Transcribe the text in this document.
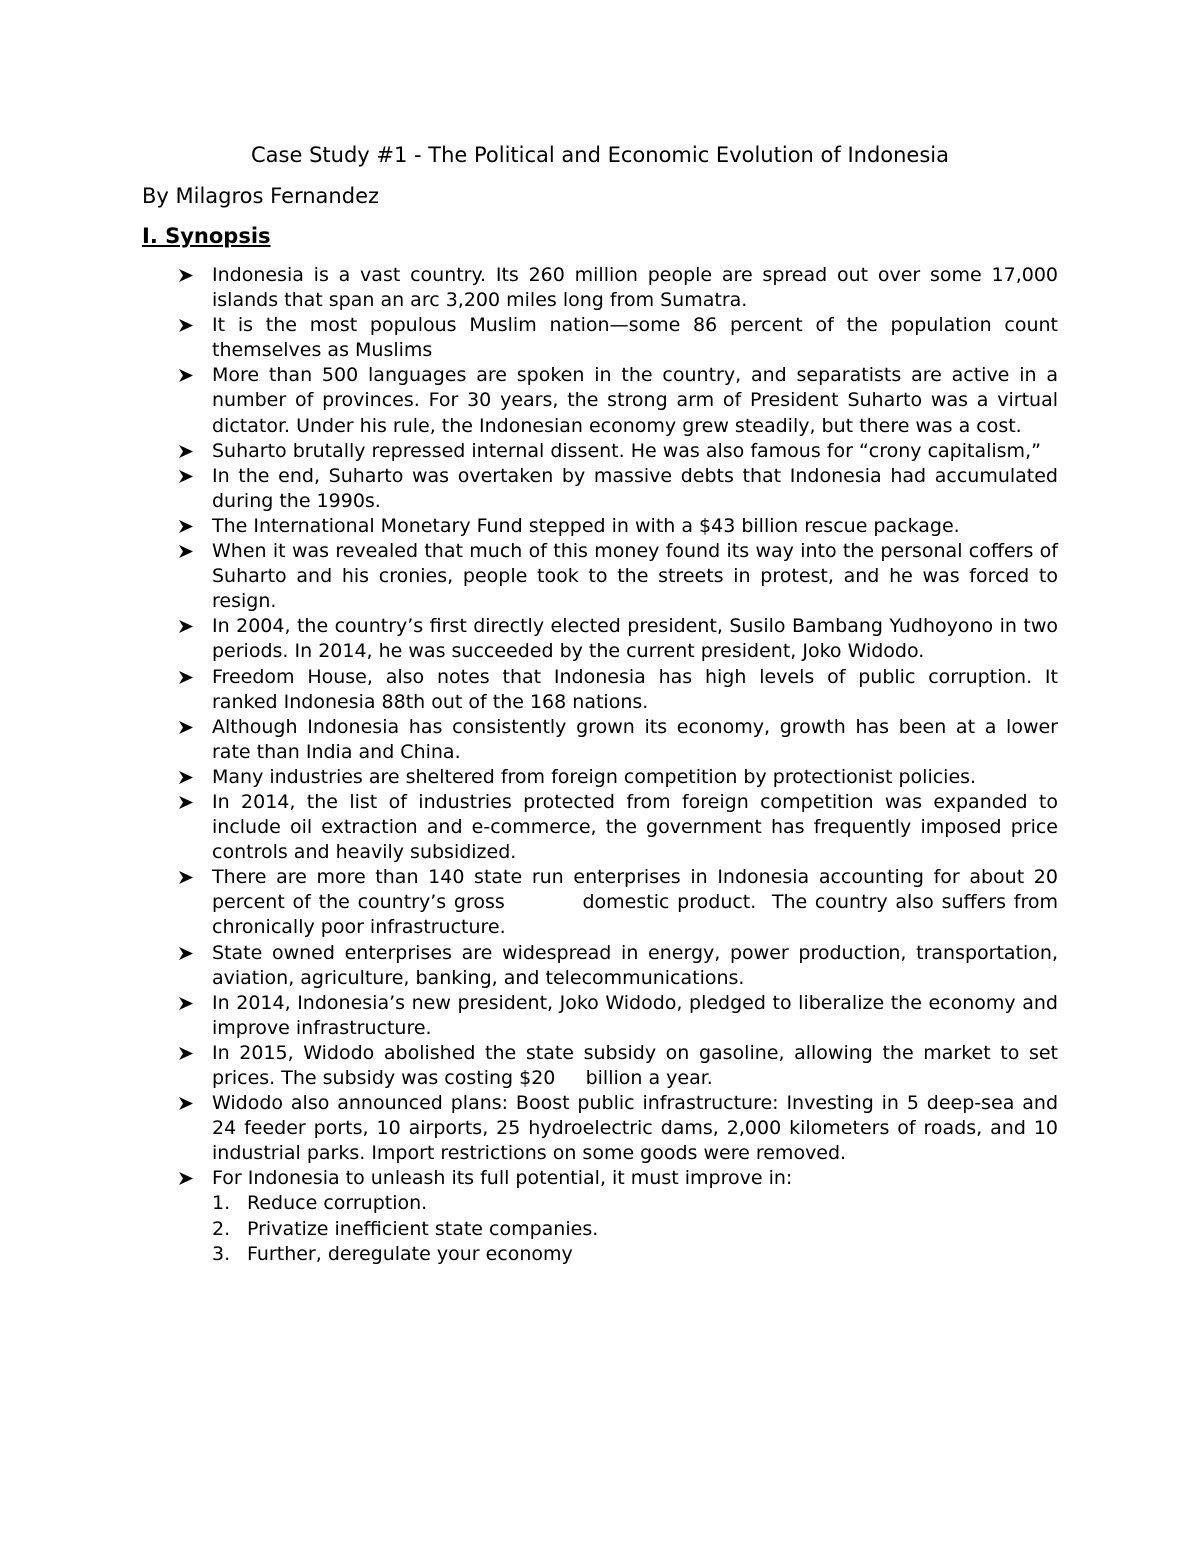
Case Study #1 - The Political and Economic Evolution of Indonesia
By Milagros Fernandez
I. Synopsis
Indonesia is a vast country. Its 260 million people are spread out over some 17,000 islands that span an arc 3,200 miles long from Sumatra.
It is the most populous Muslim nation—some 86 percent of the population count themselves as Muslims
More than 500 languages are spoken in the country, and separatists are active in a number of provinces. For 30 years, the strong arm of President Suharto was a virtual dictator. Under his rule, the Indonesian economy grew steadily, but there was a cost.
Suharto brutally repressed internal dissent. He was also famous for “crony capitalism,”
In the end, Suharto was overtaken by massive debts that Indonesia had accumulated during the 1990s.
The International Monetary Fund stepped in with a $43 billion rescue package.
When it was revealed that much of this money found its way into the personal coffers of Suharto and his cronies, people took to the streets in protest, and he was forced to resign.
In 2004, the country’s first directly elected president, Susilo Bambang Yudhoyono in two periods. In 2014, he was succeeded by the current president, Joko Widodo.
Freedom House, also notes that Indonesia has high levels of public corruption. It        ranked Indonesia 88th out of the 168 nations.
Although Indonesia has consistently grown its economy, growth has been at a lower rate than India and China.
Many industries are sheltered from foreign competition by protectionist policies.
In 2014, the list of industries protected from foreign competition was expanded to include oil extraction and e-commerce, the government has frequently imposed price controls and heavily subsidized.
There are more than 140 state run enterprises in Indonesia accounting for about 20 percent of the country’s gross          domestic product.  The country also suffers from chronically poor infrastructure.
State owned enterprises are widespread in energy, power production, transportation, aviation, agriculture, banking, and telecommunications.
In 2014, Indonesia’s new president, Joko Widodo, pledged to liberalize the economy and           improve infrastructure.
In 2015, Widodo abolished the state subsidy on gasoline, allowing the market to set prices. The subsidy was costing $20     billion a year.
Widodo also announced plans: Boost public infrastructure: Investing in 5 deep-sea and 24 feeder ports, 10 airports, 25 hydroelectric dams, 2,000 kilometers of roads, and 10 industrial parks. Import restrictions on some goods were removed.
For Indonesia to unleash its full potential, it must improve in:
1. Reduce corruption.
2. Privatize inefficient state companies.
3. Further, deregulate your economy
